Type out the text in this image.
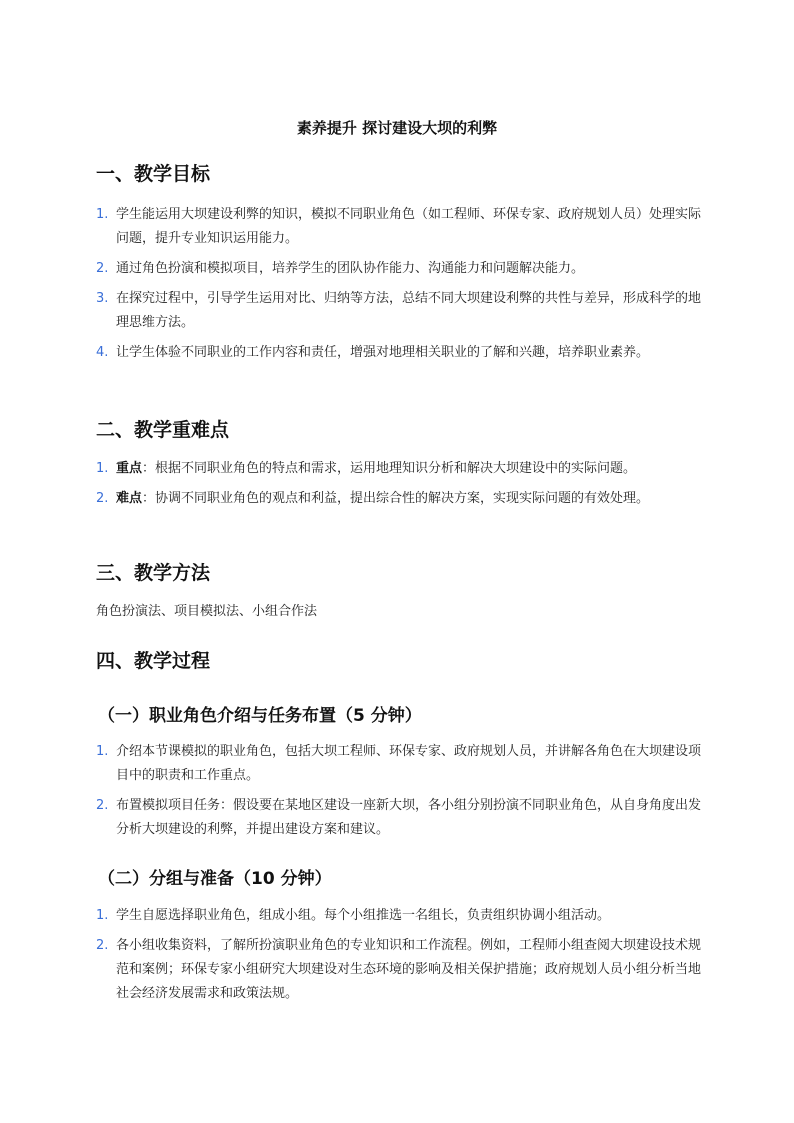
素养提升 探讨建设大坝的利弊
一、教学目标
1. 学生能运用大坝建设利弊的知识，模拟不同职业角色（如工程师、环保专家、政府规划人员）处理实际问题，提升专业知识运用能力。
2. 通过角色扮演和模拟项目，培养学生的团队协作能力、沟通能力和问题解决能力。
3. 在探究过程中，引导学生运用对比、归纳等方法，总结不同大坝建设利弊的共性与差异，形成科学的地理思维方法。
4. 让学生体验不同职业的工作内容和责任，增强对地理相关职业的了解和兴趣，培养职业素养。
二、教学重难点
1. 重点：根据不同职业角色的特点和需求，运用地理知识分析和解决大坝建设中的实际问题。
2. 难点：协调不同职业角色的观点和利益，提出综合性的解决方案，实现实际问题的有效处理。
三、教学方法
角色扮演法、项目模拟法、小组合作法
四、教学过程
（一）职业角色介绍与任务布置（5 分钟）
1. 介绍本节课模拟的职业角色，包括大坝工程师、环保专家、政府规划人员，并讲解各角色在大坝建设项目中的职责和工作重点。
2. 布置模拟项目任务：假设要在某地区建设一座新大坝，各小组分别扮演不同职业角色，从自身角度出发分析大坝建设的利弊，并提出建设方案和建议。
（二）分组与准备（10 分钟）
1. 学生自愿选择职业角色，组成小组。每个小组推选一名组长，负责组织协调小组活动。
2. 各小组收集资料，了解所扮演职业角色的专业知识和工作流程。例如，工程师小组查阅大坝建设技术规范和案例；环保专家小组研究大坝建设对生态环境的影响及相关保护措施；政府规划人员小组分析当地社会经济发展需求和政策法规。
